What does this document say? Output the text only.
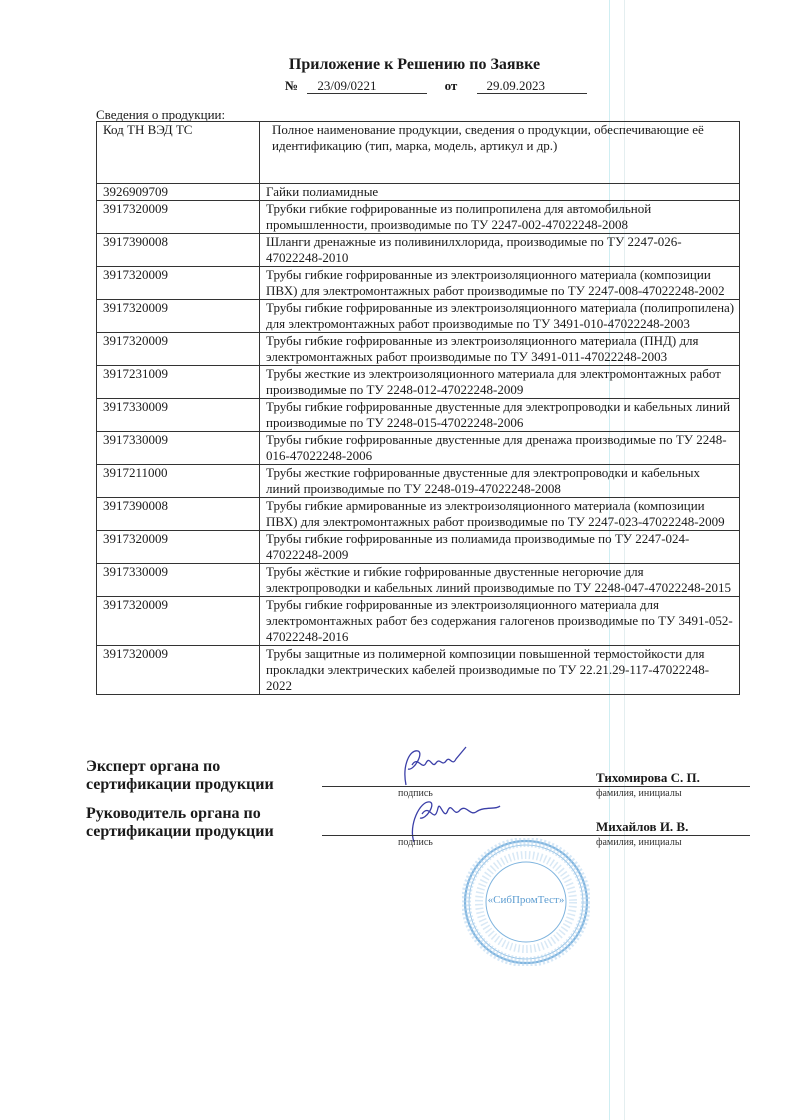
Приложение к Решению по Заявке
№ 23/09/0221	от 29.09.2023
Сведения о продукции:
Код ТН ВЭД ТС	Полное наименование продукции, сведения о продукции, обеспечивающие её идентификацию (тип, марка, модель, артикул и др.)
3926909709	Гайки полиамидные
3917320009	Трубки гибкие гофрированные из полипропилена для автомобильной промышленности, производимые по ТУ 2247-002-47022248-2008
3917390008	Шланги дренажные из поливинилхлорида, производимые по ТУ 2247-026-47022248-2010
3917320009	Трубы гибкие гофрированные из электроизоляционного материала (композиции ПВХ) для электромонтажных работ производимые по ТУ 2247-008-47022248-2002
3917320009	Трубы гибкие гофрированные из электроизоляционного материала (полипропилена) для электромонтажных работ производимые по ТУ 3491-010-47022248-2003
3917320009	Трубы гибкие гофрированные из электроизоляционного материала (ПНД) для электромонтажных работ производимые по ТУ 3491-011-47022248-2003
3917231009	Трубы жесткие из электроизоляционного материала для электромонтажных работ производимые по ТУ 2248-012-47022248-2009
3917330009	Трубы гибкие гофрированные двустенные для электропроводки и кабельных линий производимые по ТУ 2248-015-47022248-2006
3917330009	Трубы гибкие гофрированные двустенные для дренажа производимые по ТУ 2248-016-47022248-2006
3917211000	Трубы жесткие гофрированные двустенные для электропроводки и кабельных линий производимые по ТУ 2248-019-47022248-2008
3917390008	Трубы гибкие армированные из электроизоляционного материала (композиции ПВХ) для электромонтажных работ производимые по ТУ 2247-023-47022248-2009
3917320009	Трубы гибкие гофрированные из полиамида производимые по ТУ 2247-024-47022248-2009
3917330009	Трубы жёсткие и гибкие гофрированные двустенные негорючие для электропроводки и кабельных линий производимые по ТУ 2248-047-47022248-2015
3917320009	Трубы гибкие гофрированные из электроизоляционного материала для электромонтажных работ без содержания галогенов производимые по ТУ 3491-052-47022248-2016
3917320009	Трубы защитные из полимерной композиции повышенной термостойкости для прокладки электрических кабелей производимые по ТУ 22.21.29-117-47022248-2022
Эксперт органа по сертификации продукции
Руководитель органа по сертификации продукции
подпись
подпись
Тихомирова С. П.
Михайлов И. В.
фамилия, инициалы
фамилия, инициалы
«СибПромТест»
